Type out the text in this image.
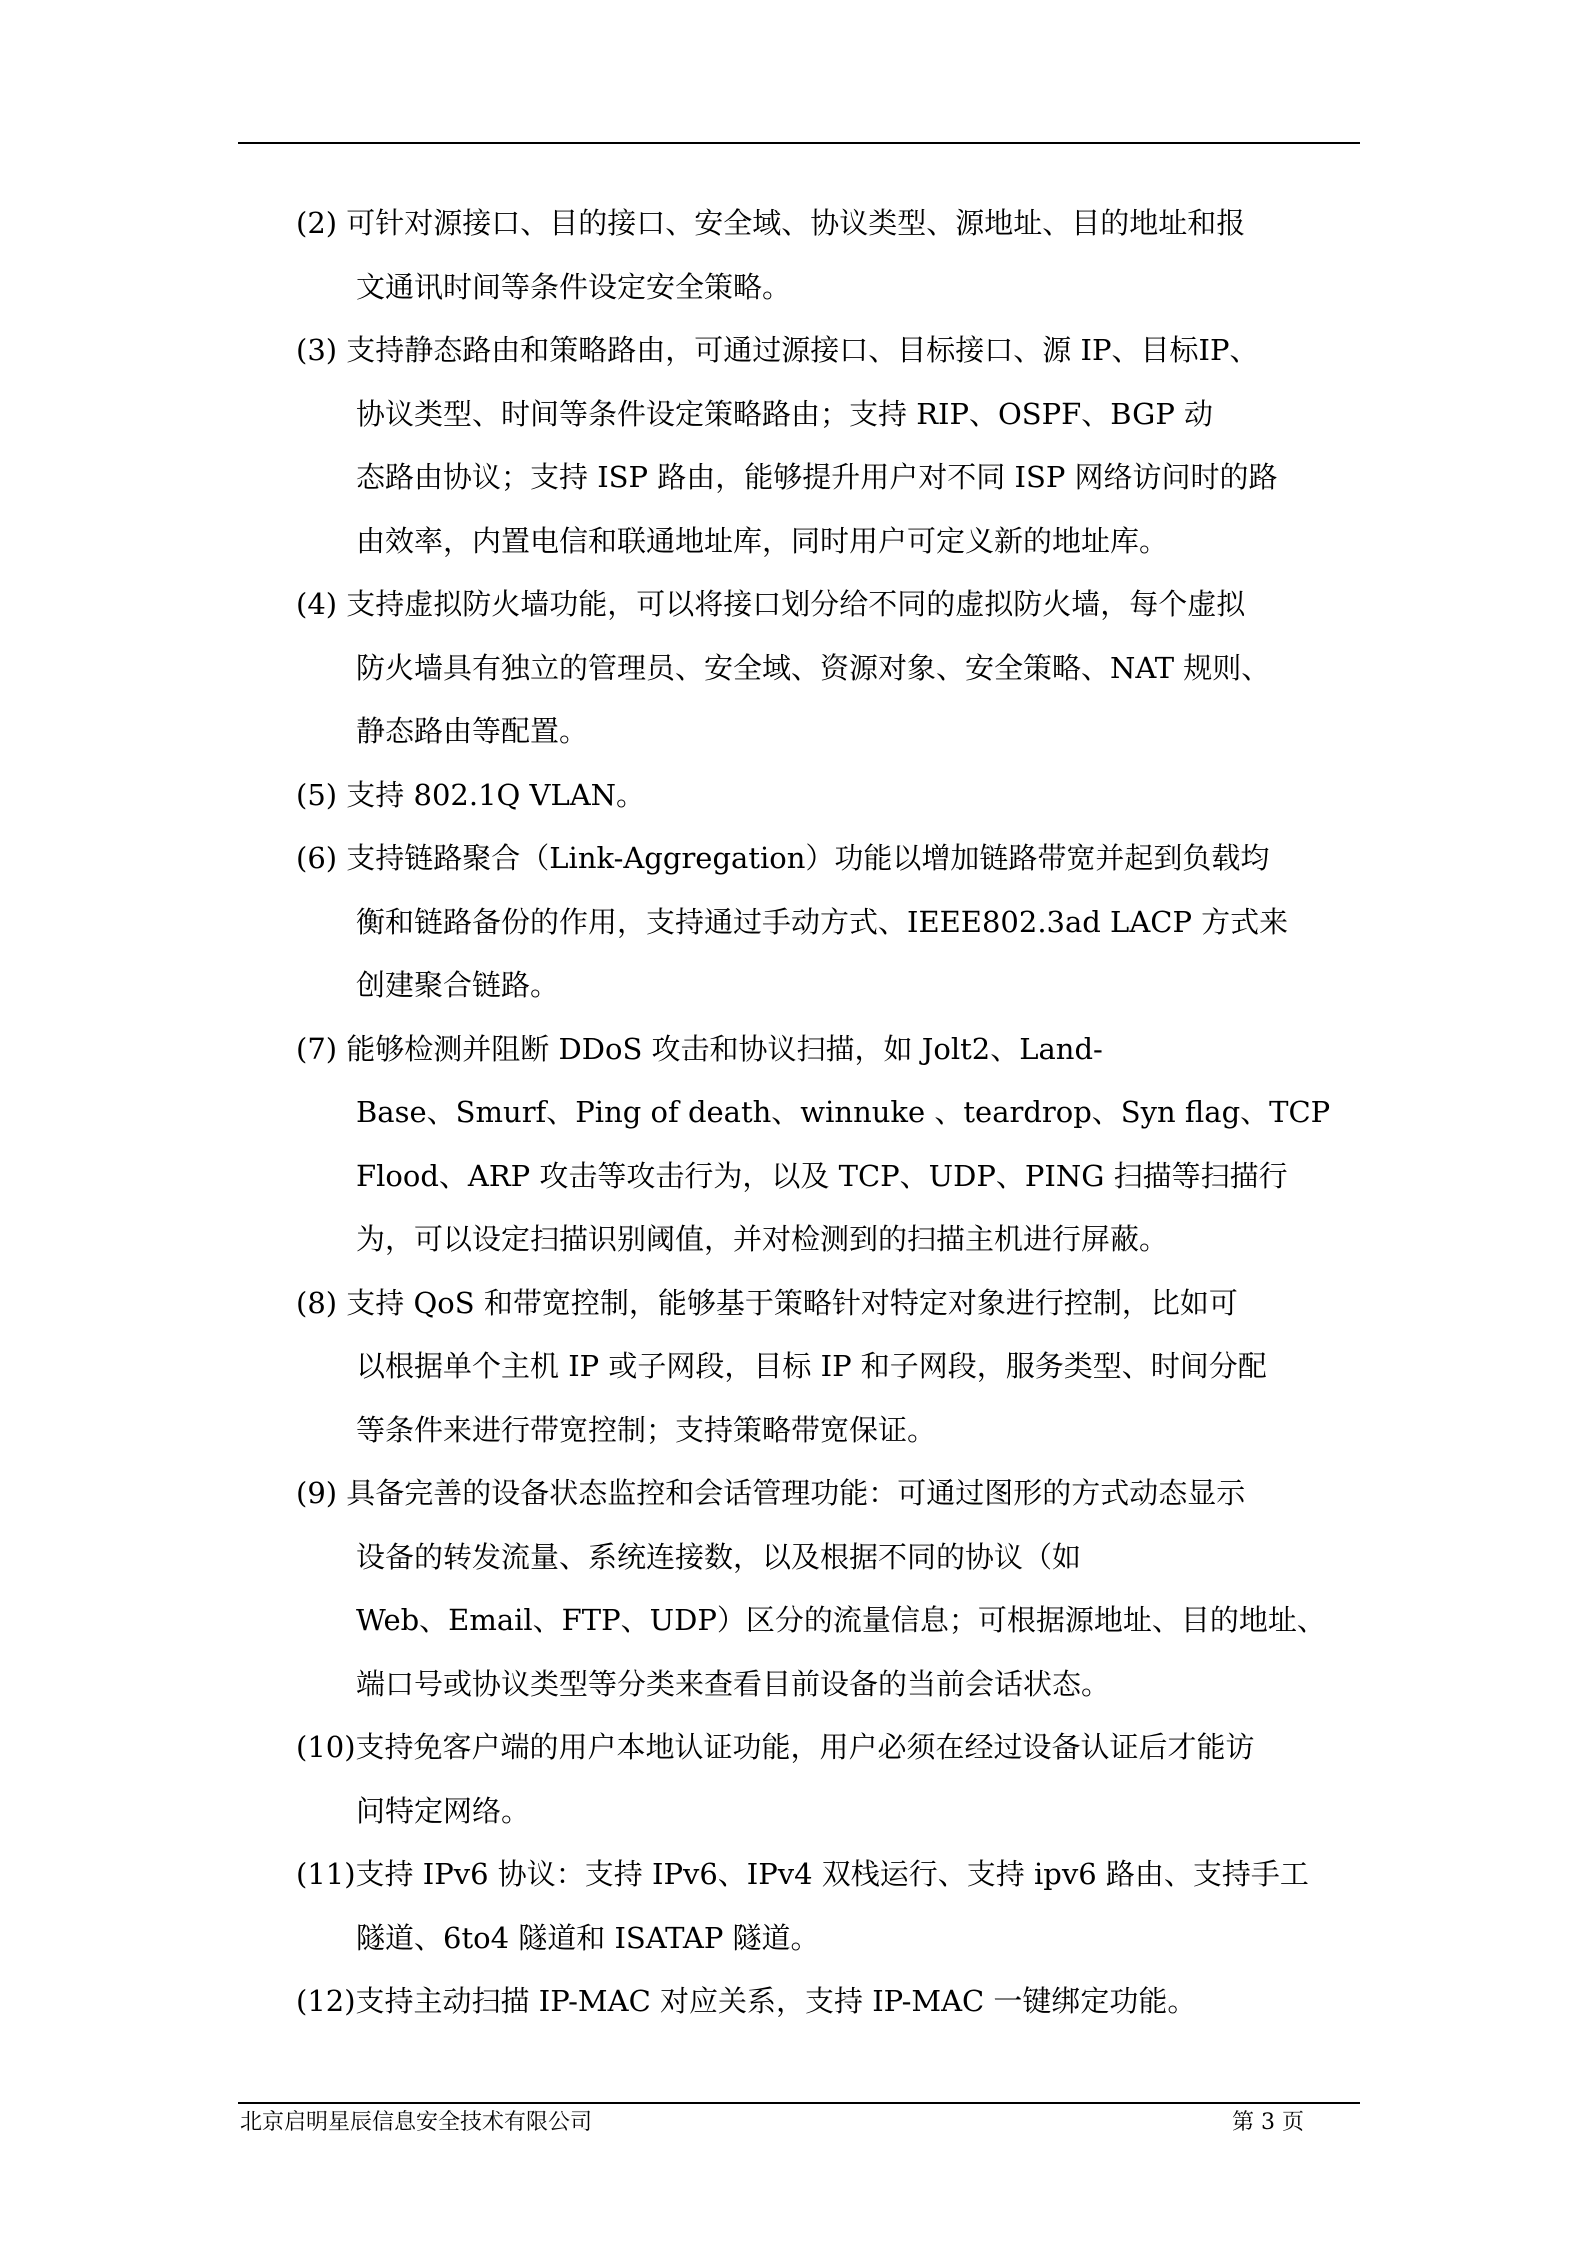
(2) 可针对源接口、目的接口、安全域、协议类型、源地址、目的地址和报
文通讯时间等条件设定安全策略。
(3) 支持静态路由和策略路由，可通过源接口、目标接口、源 IP、目标IP、
协议类型、时间等条件设定策略路由；支持 RIP、OSPF、BGP 动
态路由协议；支持 ISP 路由，能够提升用户对不同 ISP 网络访问时的路
由效率，内置电信和联通地址库，同时用户可定义新的地址库。
(4) 支持虚拟防火墙功能，可以将接口划分给不同的虚拟防火墙，每个虚拟
防火墙具有独立的管理员、安全域、资源对象、安全策略、NAT 规则、
静态路由等配置。
(5) 支持 802.1Q VLAN。
(6) 支持链路聚合（Link-Aggregation）功能以增加链路带宽并起到负载均
衡和链路备份的作用，支持通过手动方式、IEEE802.3ad LACP 方式来
创建聚合链路。
(7) 能够检测并阻断 DDoS 攻击和协议扫描，如 Jolt2、Land-
Base、Smurf、Ping of death、winnuke 、teardrop、Syn flag、TCP
Flood、ARP 攻击等攻击行为，以及 TCP、UDP、PING 扫描等扫描行
为，可以设定扫描识别阈值，并对检测到的扫描主机进行屏蔽。
(8) 支持 QoS 和带宽控制，能够基于策略针对特定对象进行控制，比如可
以根据单个主机 IP 或子网段，目标 IP 和子网段，服务类型、时间分配
等条件来进行带宽控制；支持策略带宽保证。
(9) 具备完善的设备状态监控和会话管理功能：可通过图形的方式动态显示
设备的转发流量、系统连接数，以及根据不同的协议（如
Web、Email、FTP、UDP）区分的流量信息；可根据源地址、目的地址、
端口号或协议类型等分类来查看目前设备的当前会话状态。
(10)支持免客户端的用户本地认证功能，用户必须在经过设备认证后才能访
问特定网络。
(11)支持 IPv6 协议：支持 IPv6、IPv4 双栈运行、支持 ipv6 路由、支持手工
隧道、6to4 隧道和 ISATAP 隧道。
(12)支持主动扫描 IP-MAC 对应关系，支持 IP-MAC 一键绑定功能。
北京启明星辰信息安全技术有限公司	第 3 页
